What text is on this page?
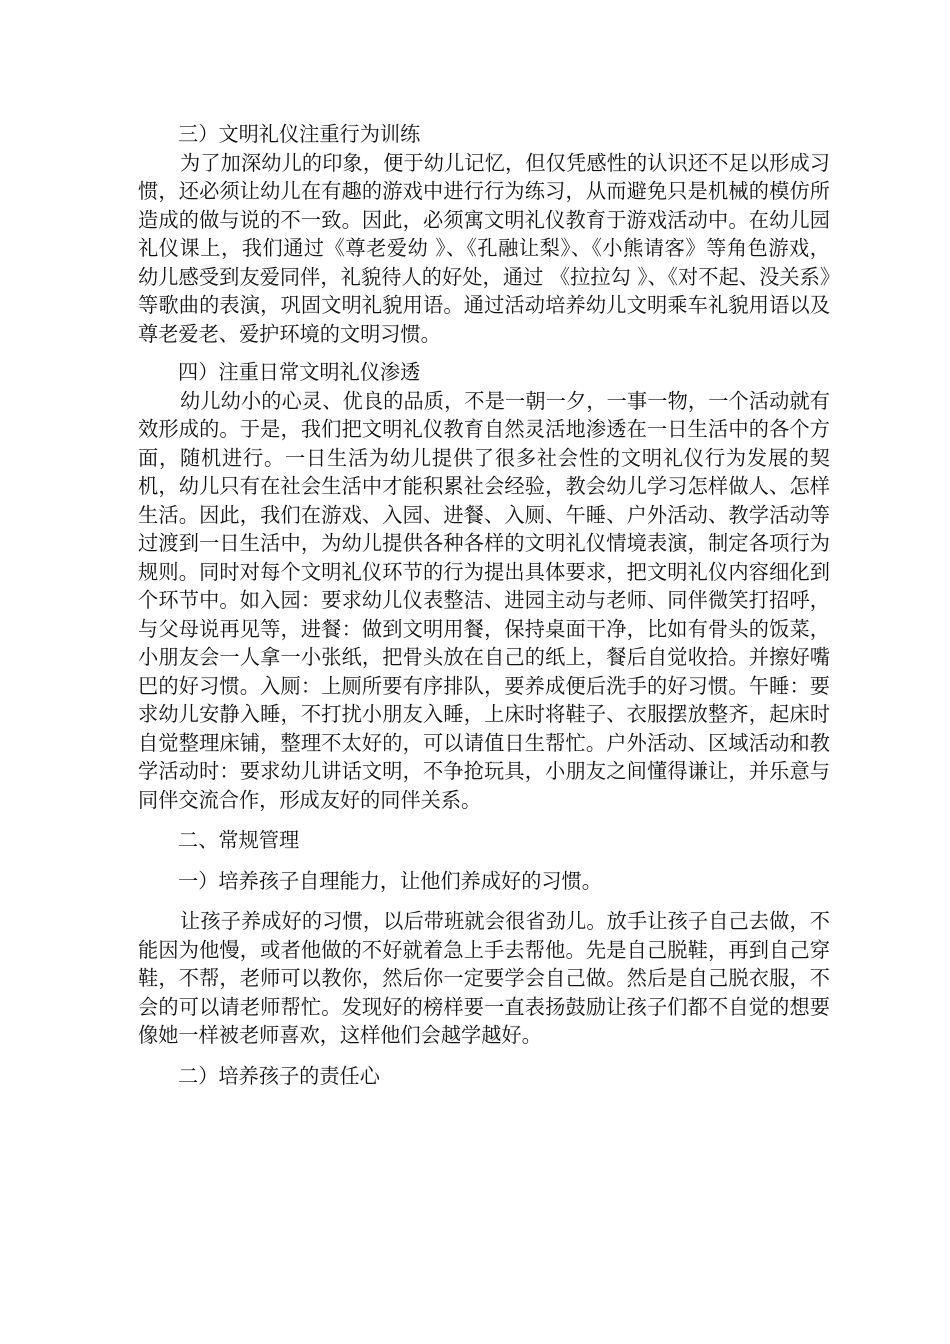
三）文明礼仪注重行为训练

为了加深幼儿的印象，便于幼儿记忆，但仅凭感性的认识还不足以形成习惯，还必须让幼儿在有趣的游戏中进行行为练习，从而避免只是机械的模仿所造成的做与说的不一致。因此，必须寓文明礼仪教育于游戏活动中。在幼儿园礼仪课上，我们通过《尊老爱幼 》、《孔融让梨》、《小熊请客》等角色游戏，幼儿感受到友爱同伴，礼貌待人的好处，通过 《拉拉勾 》、《对不起、没关系》等歌曲的表演，巩固文明礼貌用语。通过活动培养幼儿文明乘车礼貌用语以及尊老爱老、爱护环境的文明习惯。

四）注重日常文明礼仪渗透

幼儿幼小的心灵、优良的品质，不是一朝一夕，一事一物，一个活动就有效形成的。于是，我们把文明礼仪教育自然灵活地渗透在一日生活中的各个方面，随机进行。一日生活为幼儿提供了很多社会性的文明礼仪行为发展的契机，幼儿只有在社会生活中才能积累社会经验，教会幼儿学习怎样做人、怎样生活。因此，我们在游戏、入园、进餐、入厕、午睡、户外活动、教学活动等过渡到一日生活中，为幼儿提供各种各样的文明礼仪情境表演，制定各项行为规则。同时对每个文明礼仪环节的行为提出具体要求，把文明礼仪内容细化到个环节中。如入园：要求幼儿仪表整洁、进园主动与老师、同伴微笑打招呼，与父母说再见等，进餐：做到文明用餐，保持桌面干净，比如有骨头的饭菜，小朋友会一人拿一小张纸，把骨头放在自己的纸上，餐后自觉收拾。并擦好嘴巴的好习惯。入厕：上厕所要有序排队，要养成便后洗手的好习惯。午睡：要求幼儿安静入睡，不打扰小朋友入睡，上床时将鞋子、衣服摆放整齐，起床时自觉整理床铺，整理不太好的，可以请值日生帮忙。户外活动、区域活动和教学活动时：要求幼儿讲话文明，不争抢玩具，小朋友之间懂得谦让，并乐意与同伴交流合作，形成友好的同伴关系。

二、常规管理

一）培养孩子自理能力，让他们养成好的习惯。

让孩子养成好的习惯，以后带班就会很省劲儿。放手让孩子自己去做，不能因为他慢，或者他做的不好就着急上手去帮他。先是自己脱鞋，再到自己穿鞋，不帮，老师可以教你，然后你一定要学会自己做。然后是自己脱衣服，不会的可以请老师帮忙。发现好的榜样要一直表扬鼓励让孩子们都不自觉的想要像她一样被老师喜欢，这样他们会越学越好。

二）培养孩子的责任心
